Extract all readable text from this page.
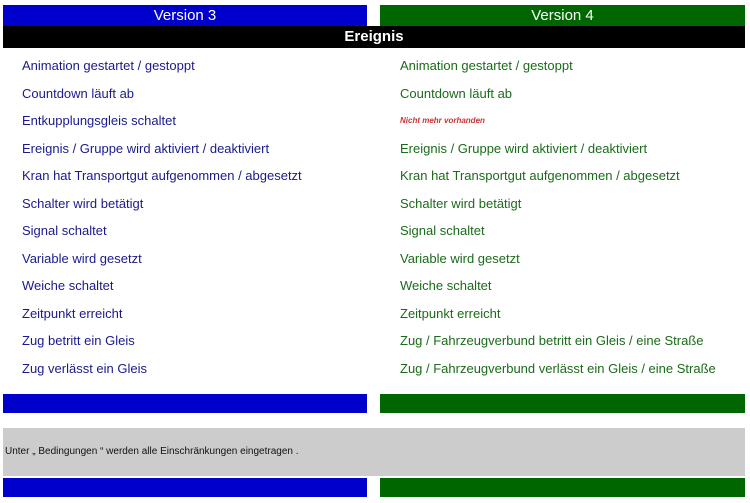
Version 3	Version 4
Ereignis
Animation gestartet / gestoppt
Countdown läuft ab
Entkupplungsgleis schaltet
Ereignis / Gruppe wird aktiviert / deaktiviert
Kran hat Transportgut aufgenommen / abgesetzt
Schalter wird betätigt
Signal schaltet
Variable wird gesetzt
Weiche schaltet
Zeitpunkt erreicht
Zug betritt ein Gleis
Zug verlässt ein Gleis
Animation gestartet / gestoppt
Countdown läuft ab
Nicht mehr vorhanden
Ereignis / Gruppe wird aktiviert / deaktiviert
Kran hat Transportgut aufgenommen / abgesetzt
Schalter wird betätigt
Signal schaltet
Variable wird gesetzt
Weiche schaltet
Zeitpunkt erreicht
Zug / Fahrzeugverbund betritt ein Gleis / eine Straße
Zug / Fahrzeugverbund verlässt ein Gleis / eine Straße
Unter „ Bedingungen “ werden alle Einschränkungen eingetragen .
